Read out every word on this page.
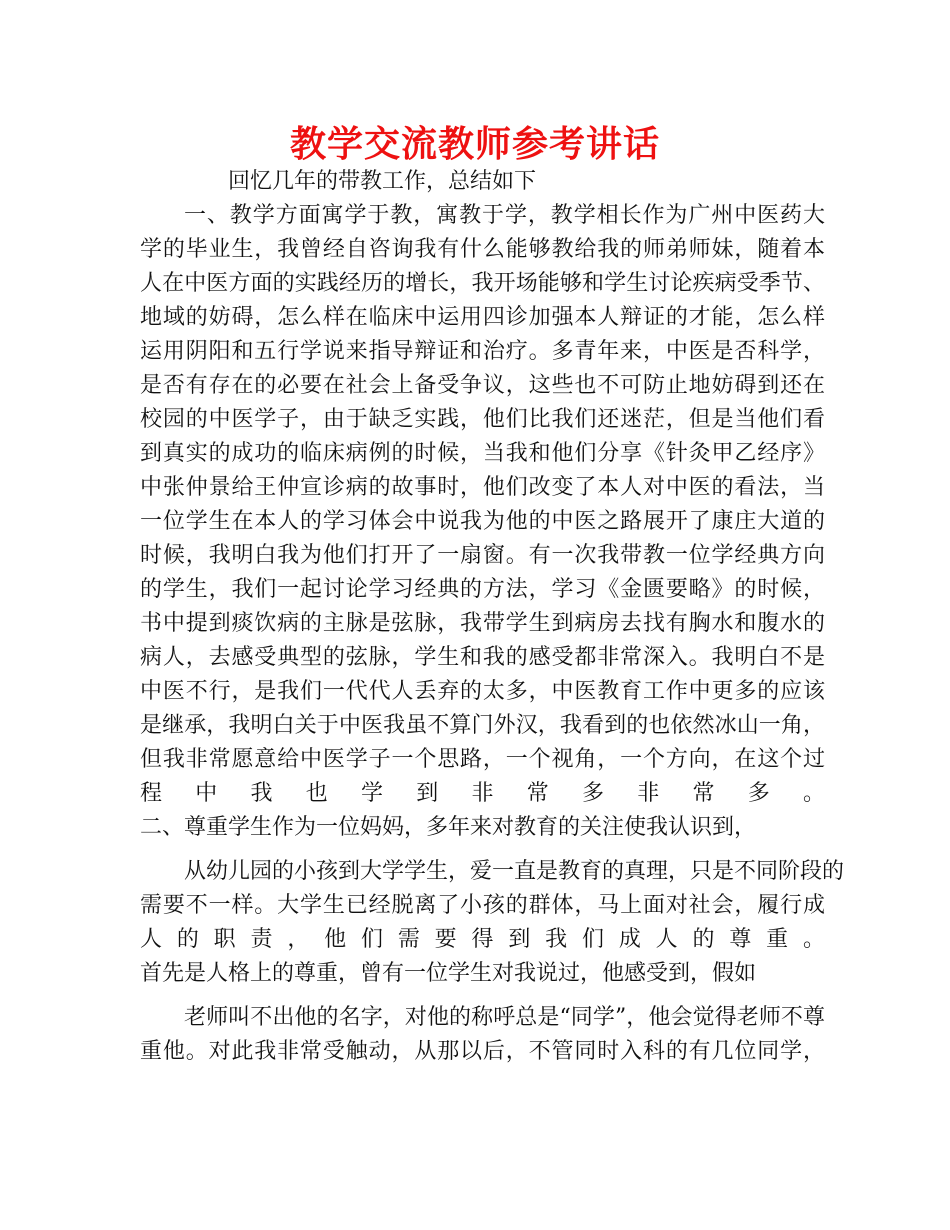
教学交流教师参考讲话
回忆几年的带教工作，总结如下
一、教学方面寓学于教，寓教于学，教学相长作为广州中医药大
学的毕业生，我曾经自咨询我有什么能够教给我的师弟师妹，随着本
人在中医方面的实践经历的增长，我开场能够和学生讨论疾病受季节、
地域的妨碍，怎么样在临床中运用四诊加强本人辩证的才能，怎么样
运用阴阳和五行学说来指导辩证和治疗。多青年来，中医是否科学，
是否有存在的必要在社会上备受争议，这些也不可防止地妨碍到还在
校园的中医学子，由于缺乏实践，他们比我们还迷茫，但是当他们看
到真实的成功的临床病例的时候，当我和他们分享《针灸甲乙经序》
中张仲景给王仲宣诊病的故事时，他们改变了本人对中医的看法，当
一位学生在本人的学习体会中说我为他的中医之路展开了康庄大道的
时候，我明白我为他们打开了一扇窗。有一次我带教一位学经典方向
的学生，我们一起讨论学习经典的方法，学习《金匮要略》的时候，
书中提到痰饮病的主脉是弦脉，我带学生到病房去找有胸水和腹水的
病人，去感受典型的弦脉，学生和我的感受都非常深入。我明白不是
中医不行，是我们一代代人丢弃的太多，中医教育工作中更多的应该
是继承，我明白关于中医我虽不算门外汉，我看到的也依然冰山一角，
但我非常愿意给中医学子一个思路，一个视角，一个方向，在这个过
程中我也学到非常多非常多。
二、尊重学生作为一位妈妈，多年来对教育的关注使我认识到，
从幼儿园的小孩到大学学生，爱一直是教育的真理，只是不同阶段的
需要不一样。大学生已经脱离了小孩的群体，马上面对社会，履行成
人的职责，他们需要得到我们成人的尊重。
首先是人格上的尊重，曾有一位学生对我说过，他感受到，假如
老师叫不出他的名字，对他的称呼总是“同学”，他会觉得老师不尊
重他。对此我非常受触动，从那以后，不管同时入科的有几位同学，
